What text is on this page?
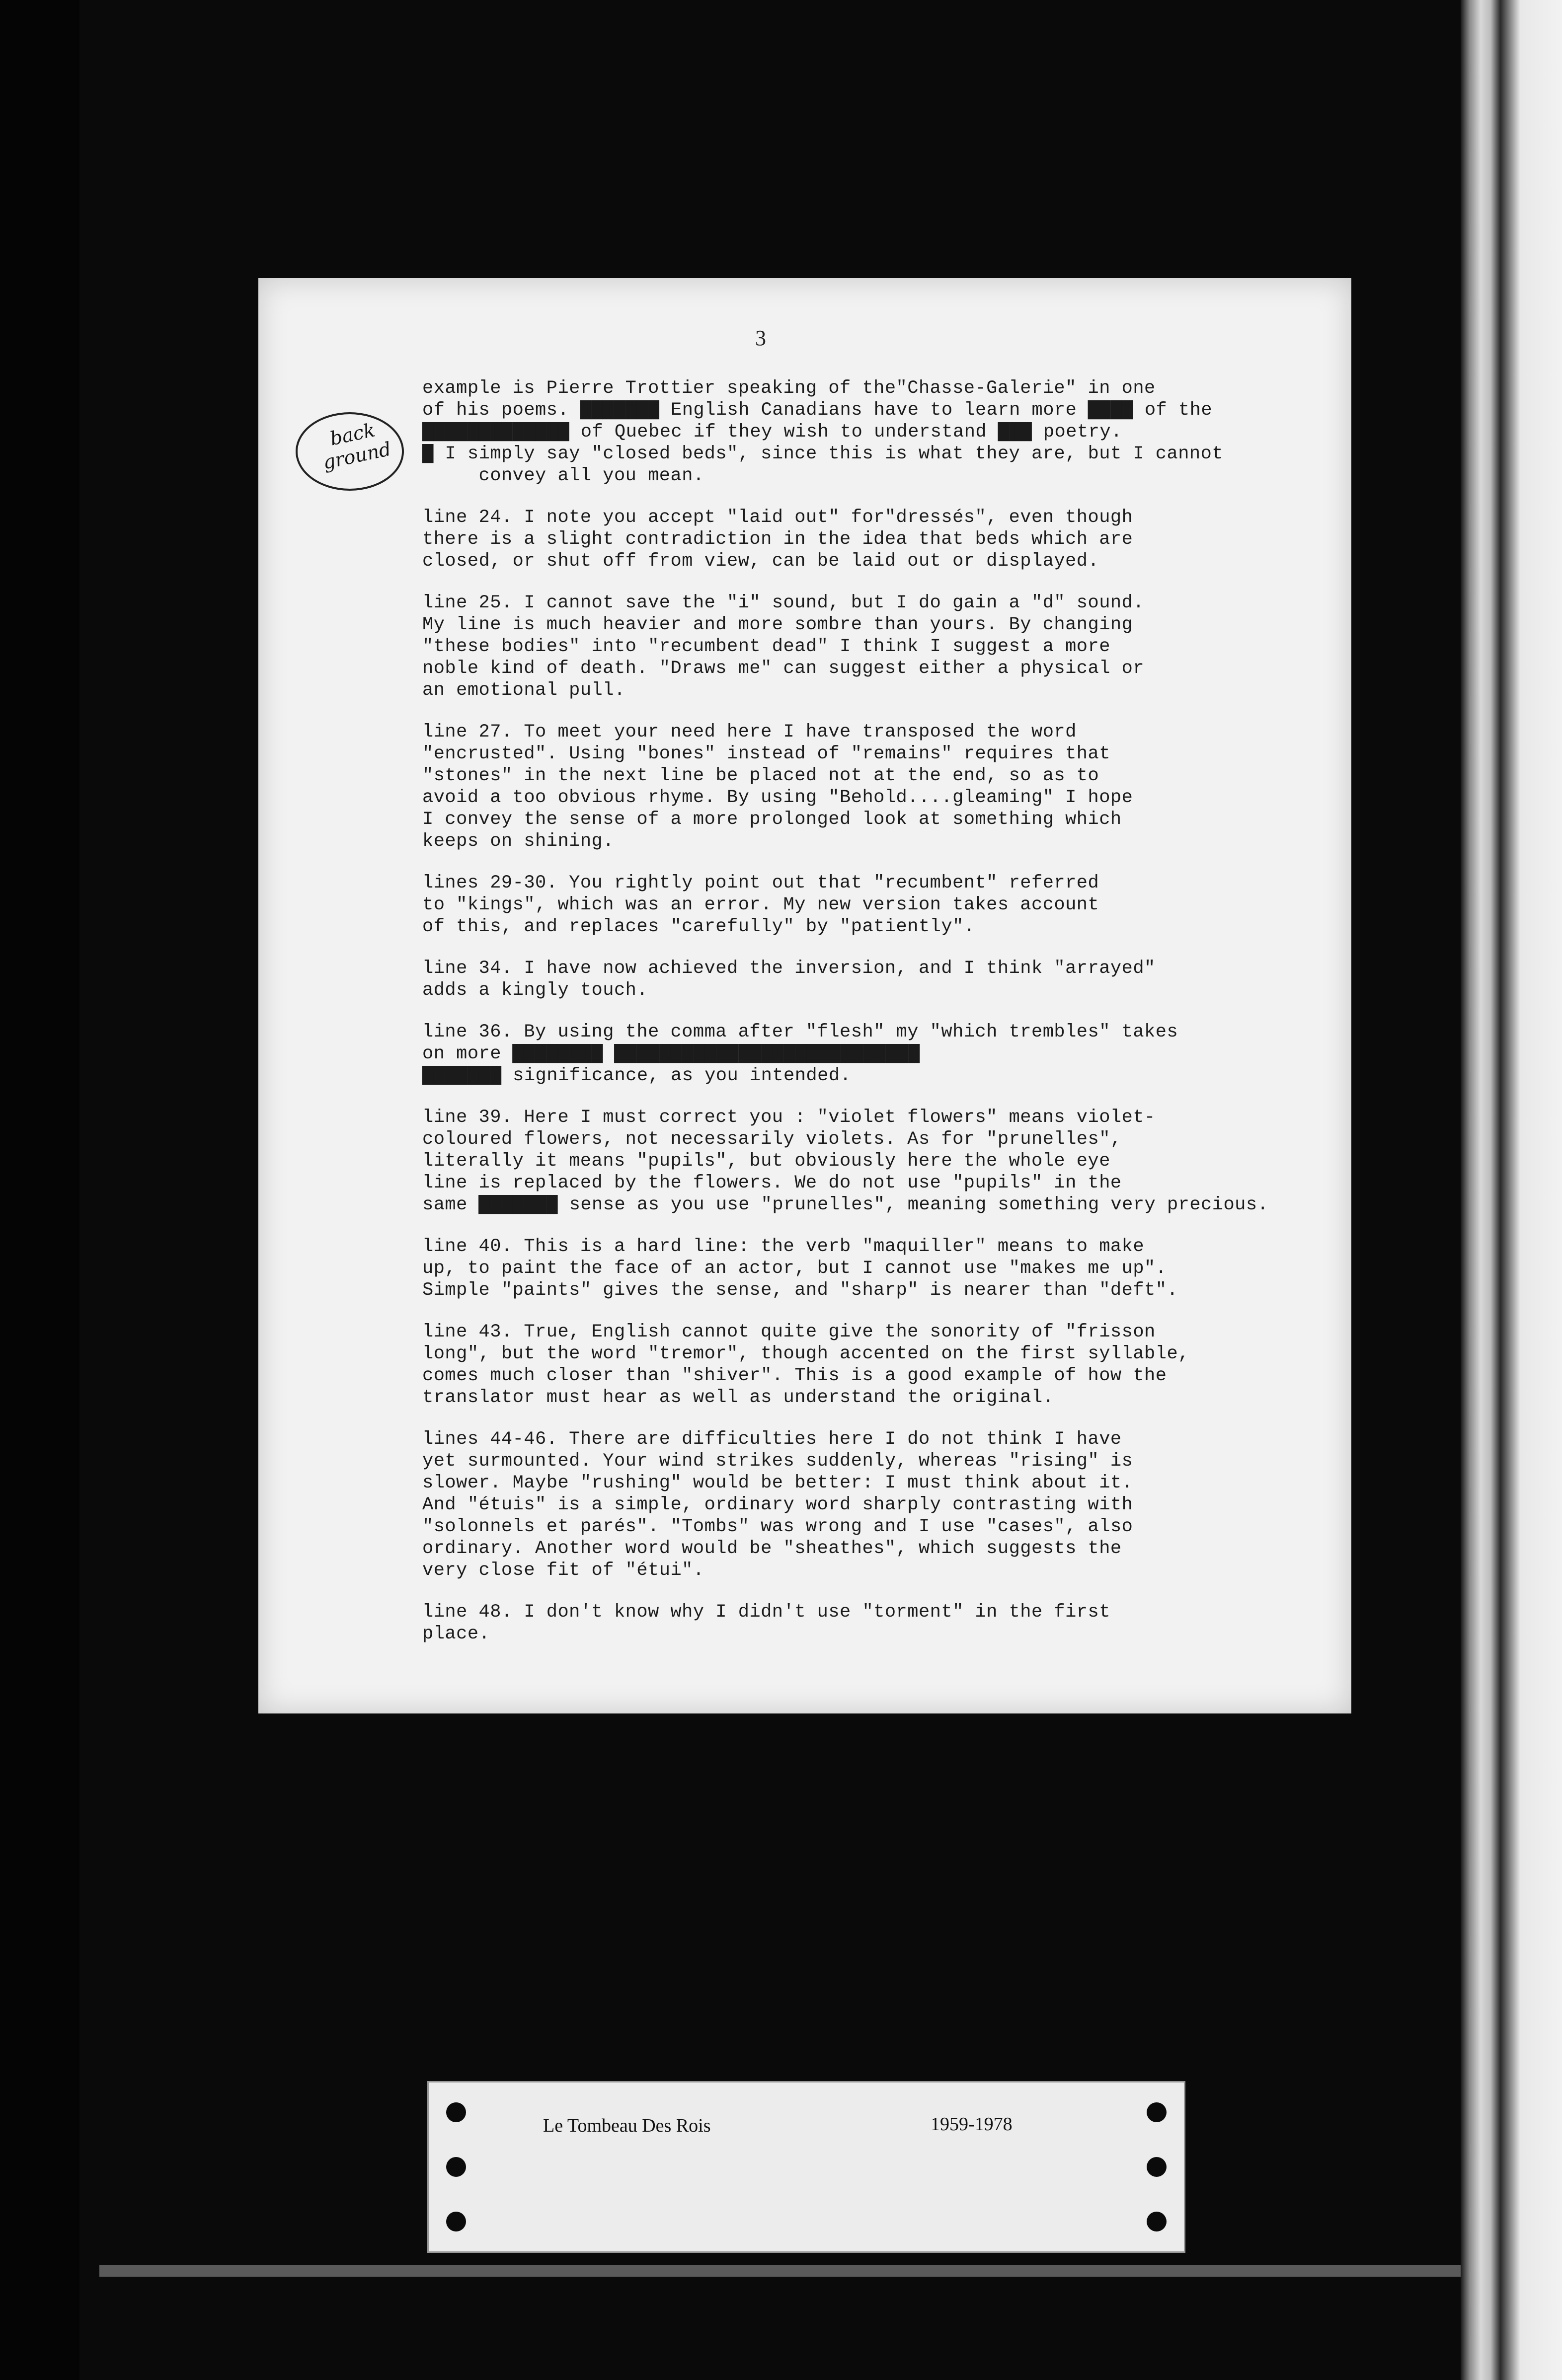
3
back ground

example is Pierre Trottier speaking of the"Chasse-Galerie" in one
of his poems. ▇▇▇▇▇▇▇ English Canadians have to learn more ▇▇▇▇ of the
▇▇▇▇▇▇▇▇▇▇▇▇▇ of Quebec if they wish to understand ▇▇▇ poetry.
▇ I simply say "closed beds", since this is what they are, but I cannot
convey all you mean.

line 24. I note you accept "laid out" for"dressés", even though
there is a slight contradiction in the idea that beds which are
closed, or shut off from view, can be laid out or displayed.

line 25. I cannot save the "i" sound, but I do gain a "d" sound.
My line is much heavier and more sombre than yours. By changing
"these bodies" into "recumbent dead" I think I suggest a more
noble kind of death. "Draws me" can suggest either a physical or
an emotional pull.

line 27. To meet your need here I have transposed the word
"encrusted". Using "bones" instead of "remains" requires that
"stones" in the next line be placed not at the end, so as to
avoid a too obvious rhyme. By using "Behold....gleaming" I hope
I convey the sense of a more prolonged look at something which
keeps on shining.

lines 29-30. You rightly point out that "recumbent" referred
to "kings", which was an error. My new version takes account
of this, and replaces "carefully" by "patiently".

line 34. I have now achieved the inversion, and I think "arrayed"
adds a kingly touch.

line 36. By using the comma after "flesh" my "which trembles" takes
on more ▇▇▇▇▇▇▇▇ ▇▇▇▇▇▇▇▇▇▇▇▇▇▇▇▇▇▇▇▇▇▇▇▇▇▇▇
▇▇▇▇▇▇▇ significance, as you intended.

line 39. Here I must correct you : "violet flowers" means violet-
coloured flowers, not necessarily violets. As for "prunelles",
literally it means "pupils", but obviously here the whole eye
line is replaced by the flowers. We do not use "pupils" in the
same ▇▇▇▇▇▇▇ sense as you use "prunelles", meaning something very precious.

line 40. This is a hard line: the verb "maquiller" means to make
up, to paint the face of an actor, but I cannot use "makes me up".
Simple "paints" gives the sense, and "sharp" is nearer than "deft".

line 43. True, English cannot quite give the sonority of "frisson
long", but the word "tremor", though accented on the first syllable,
comes much closer than "shiver". This is a good example of how the
translator must hear as well as understand the original.

lines 44-46. There are difficulties here I do not think I have
yet surmounted. Your wind strikes suddenly, whereas "rising" is
slower. Maybe "rushing" would be better: I must think about it.
And "étuis" is a simple, ordinary word sharply contrasting with
"solonnels et parés". "Tombs" was wrong and I use "cases", also
ordinary. Another word would be "sheathes", which suggests the
very close fit of "étui".

line 48. I don't know why I didn't use "torment" in the first
place.

Le Tombeau Des Rois	1959-1978
